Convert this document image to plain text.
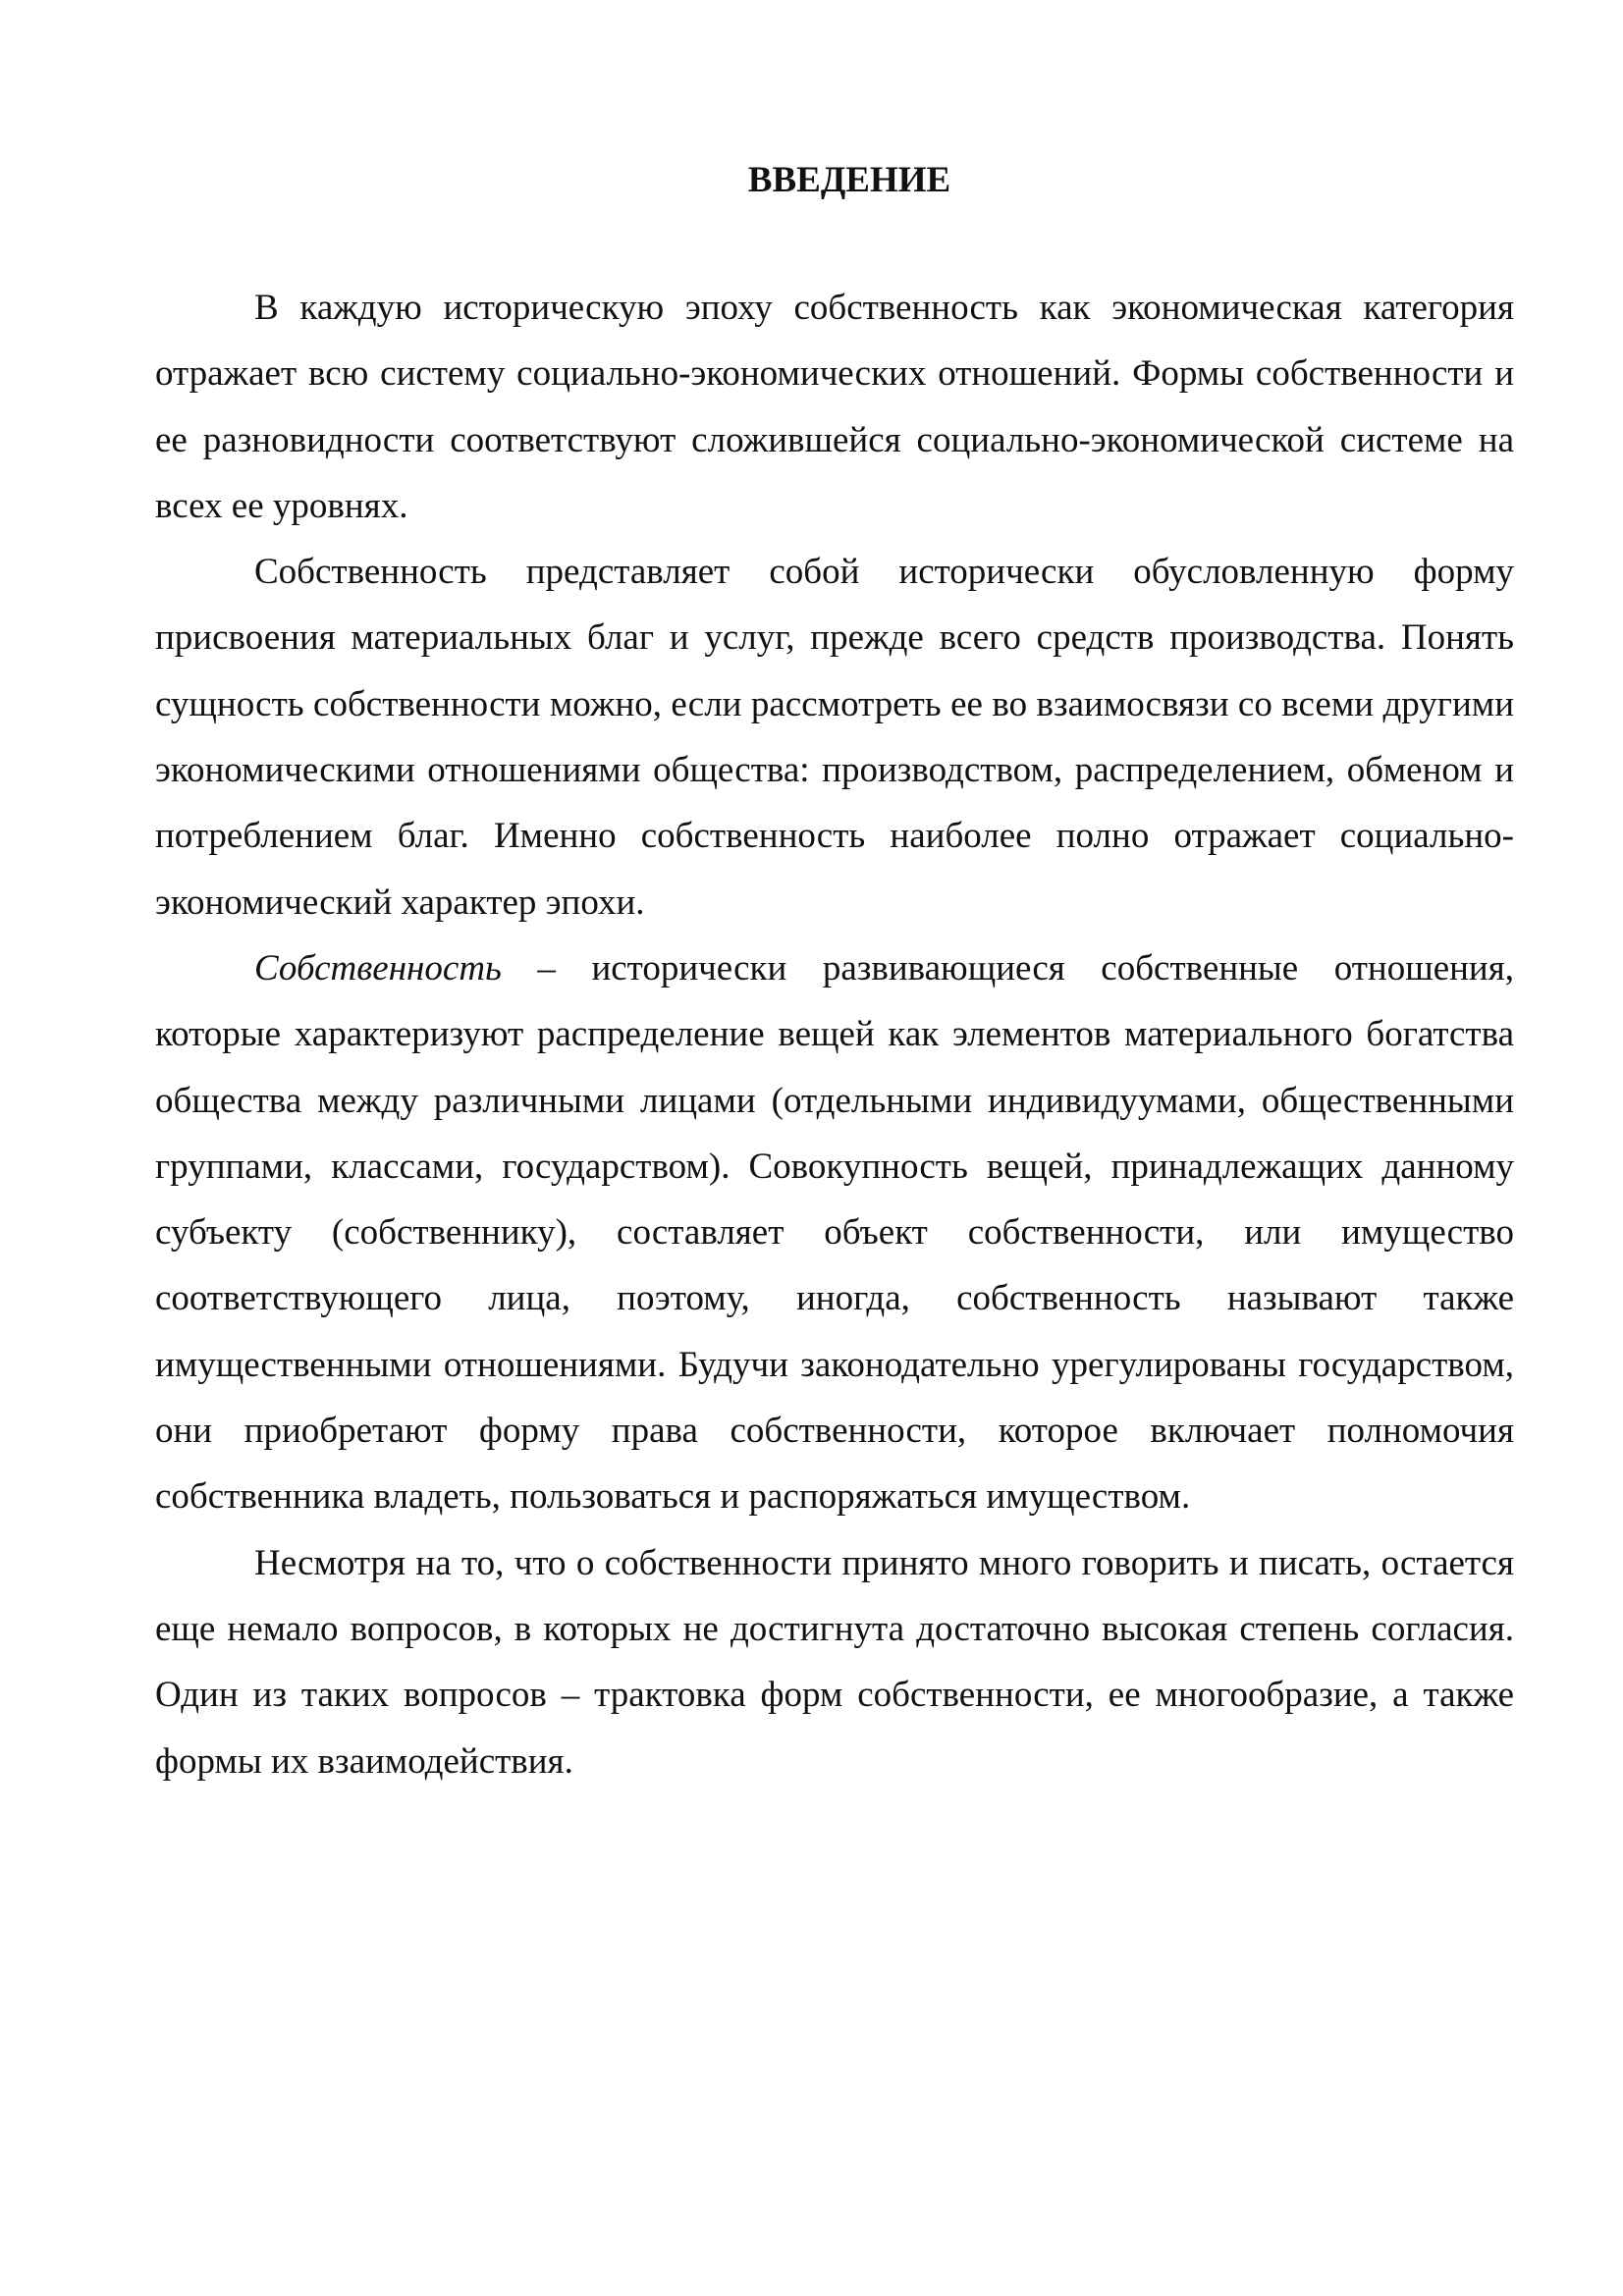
ВВЕДЕНИЕ

В каждую историческую эпоху собственность как экономическая категория отражает всю систему социально-экономических отношений. Формы собственности и ее разновидности соответствуют сложившейся социально-экономической системе на всех ее уровнях.

Собственность представляет собой исторически обусловленную форму присвоения материальных благ и услуг, прежде всего средств производства. Понять сущность собственности можно, если рассмотреть ее во взаимосвязи со всеми другими экономическими отношениями общества: производством, распределением, обменом и потреблением благ. Именно собственность наиболее полно отражает социально-экономический характер эпохи.

Собственность – исторически развивающиеся собственные отношения, которые характеризуют распределение вещей как элементов материального богатства общества между различными лицами (отдельными индивидуумами, общественными группами, классами, государством). Совокупность вещей, принадлежащих данному субъекту (собственнику), составляет объект собственности, или имущество соответствующего лица, поэтому, иногда, собственность называют также имущественными отношениями. Будучи законодательно урегулированы государством, они приобретают форму права собственности, которое включает полномочия собственника владеть, пользоваться и распоряжаться имуществом.

Несмотря на то, что о собственности принято много говорить и писать, остается еще немало вопросов, в которых не достигнута достаточно высокая степень согласия. Один из таких вопросов – трактовка форм собственности, ее многообразие, а также формы их взаимодействия.
